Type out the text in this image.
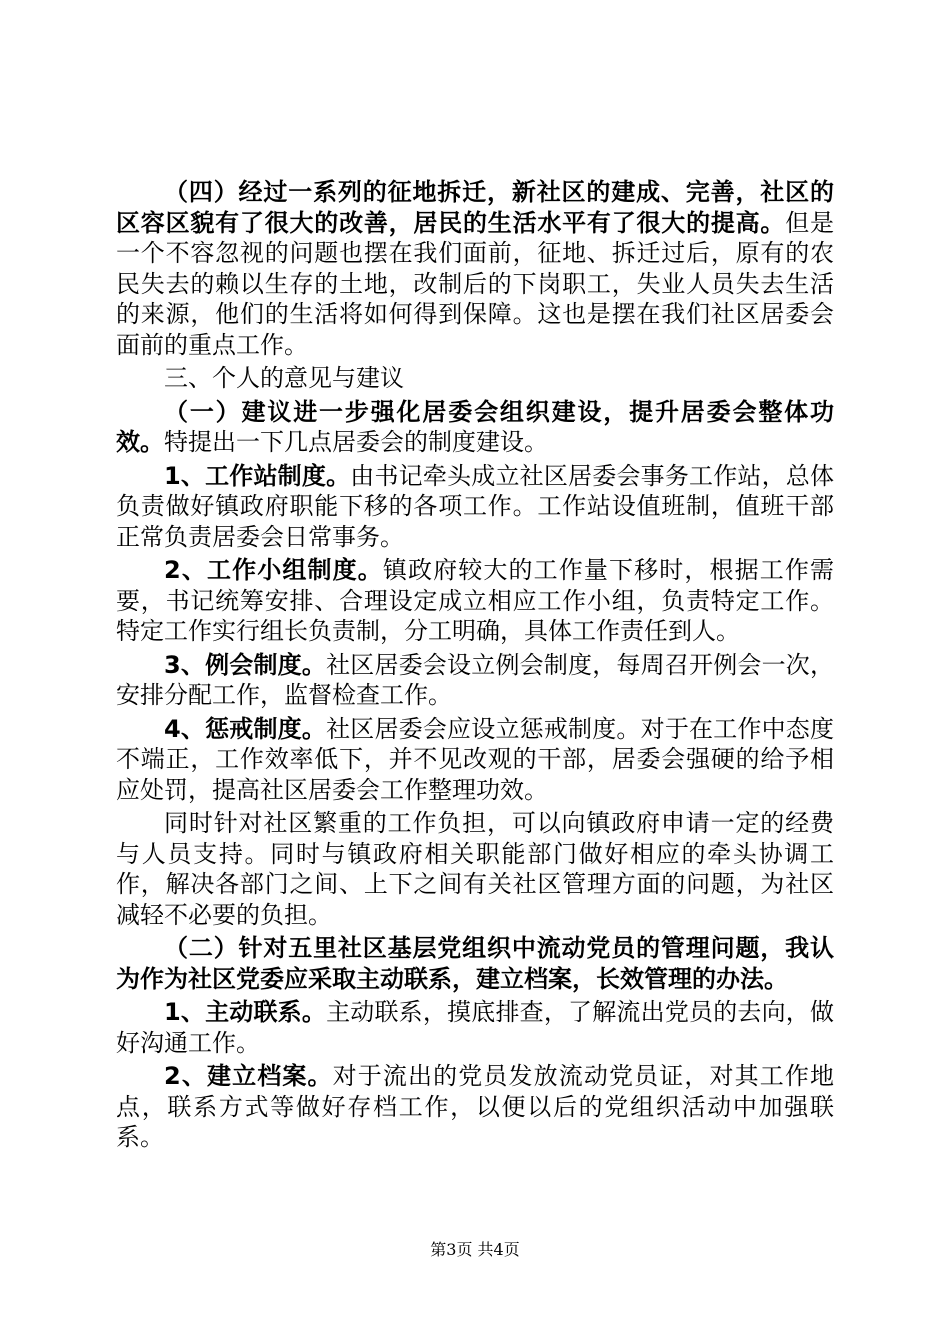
（四）经过一系列的征地拆迁，新社区的建成、完善，社区的区容区貌有了很大的改善，居民的生活水平有了很大的提高。但是一个不容忽视的问题也摆在我们面前，征地、拆迁过后，原有的农民失去的赖以生存的土地，改制后的下岗职工，失业人员失去生活的来源，他们的生活将如何得到保障。这也是摆在我们社区居委会面前的重点工作。

三、个人的意见与建议

（一）建议进一步强化居委会组织建设，提升居委会整体功效。特提出一下几点居委会的制度建设。

1、工作站制度。由书记牵头成立社区居委会事务工作站，总体负责做好镇政府职能下移的各项工作。工作站设值班制，值班干部正常负责居委会日常事务。

2、工作小组制度。镇政府较大的工作量下移时，根据工作需要，书记统筹安排、合理设定成立相应工作小组，负责特定工作。特定工作实行组长负责制，分工明确，具体工作责任到人。

3、例会制度。社区居委会设立例会制度，每周召开例会一次，安排分配工作，监督检查工作。

4、惩戒制度。社区居委会应设立惩戒制度。对于在工作中态度不端正，工作效率低下，并不见改观的干部，居委会强硬的给予相应处罚，提高社区居委会工作整理功效。

同时针对社区繁重的工作负担，可以向镇政府申请一定的经费与人员支持。同时与镇政府相关职能部门做好相应的牵头协调工作，解决各部门之间、上下之间有关社区管理方面的问题，为社区减轻不必要的负担。

（二）针对五里社区基层党组织中流动党员的管理问题，我认为作为社区党委应采取主动联系，建立档案，长效管理的办法。

1、主动联系。主动联系，摸底排查，了解流出党员的去向，做好沟通工作。

2、建立档案。对于流出的党员发放流动党员证，对其工作地点，联系方式等做好存档工作，以便以后的党组织活动中加强联系。

第3页 共4页
